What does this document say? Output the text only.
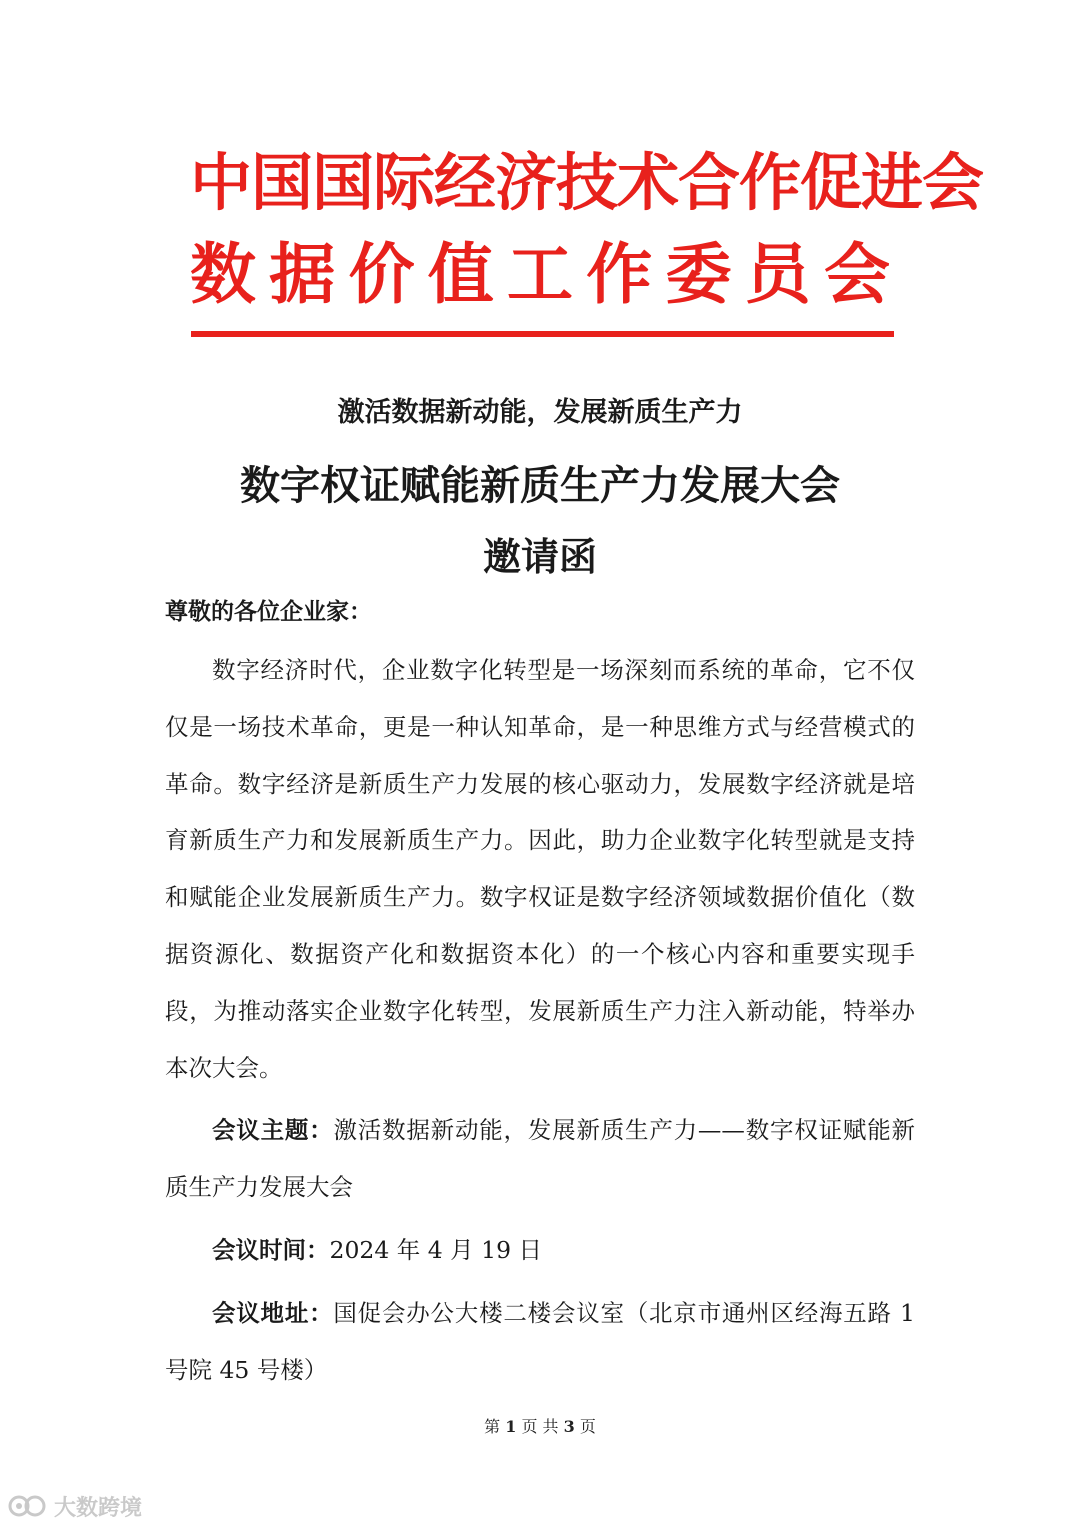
中国国际经济技术合作促进会
数据价值工作委员会
激活数据新动能，发展新质生产力
数字权证赋能新质生产力发展大会
邀请函
尊敬的各位企业家：

数字经济时代，企业数字化转型是一场深刻而系统的革命，它不仅仅是一场技术革命，更是一种认知革命，是一种思维方式与经营模式的革命。数字经济是新质生产力发展的核心驱动力，发展数字经济就是培育新质生产力和发展新质生产力。因此，助力企业数字化转型就是支持和赋能企业发展新质生产力。数字权证是数字经济领域数据价值化（数据资源化、数据资产化和数据资本化）的一个核心内容和重要实现手段，为推动落实企业数字化转型，发展新质生产力注入新动能，特举办本次大会。

会议主题：激活数据新动能，发展新质生产力——数字权证赋能新质生产力发展大会

会议时间：2024 年 4 月 19 日

会议地址：国促会办公大楼二楼会议室（北京市通州区经海五路 1 号院 45 号楼）

第 1 页 共 3 页
大数跨境
